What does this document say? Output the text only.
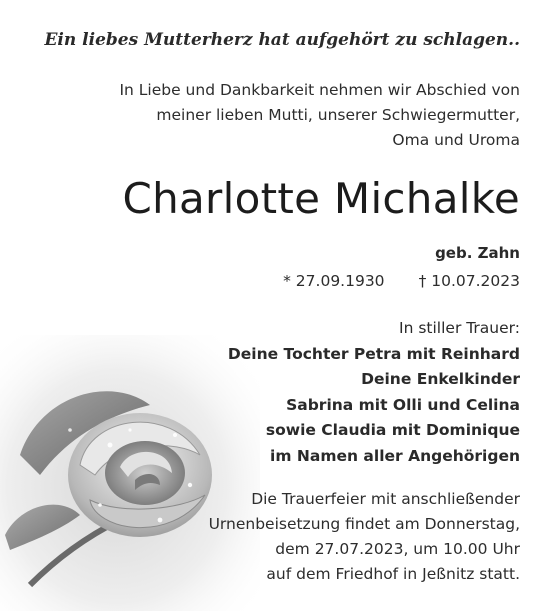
Ein liebes Mutterherz hat aufgehört zu schlagen..
In Liebe und Dankbarkeit nehmen wir Abschied von
meiner lieben Mutti, unserer Schwiegermutter,
Oma und Uroma
Charlotte Michalke
geb. Zahn
* 27.09.1930 † 10.07.2023
In stiller Trauer:
Deine Tochter Petra mit Reinhard
Deine Enkelkinder
Sabrina mit Olli und Celina
sowie Claudia mit Dominique
im Namen aller Angehörigen
Die Trauerfeier mit anschließender
Urnenbeisetzung findet am Donnerstag,
dem 27.07.2023, um 10.00 Uhr
auf dem Friedhof in Jeßnitz statt.
